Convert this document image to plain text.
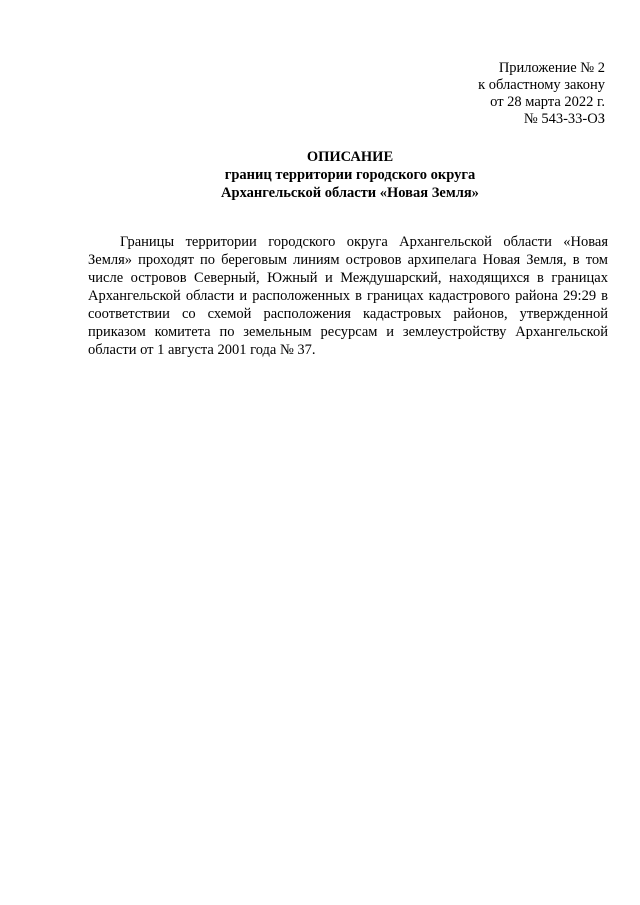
Приложение № 2
к областному закону
от 28 марта 2022 г.
№ 543-33-ОЗ
ОПИСАНИЕ
границ территории городского округа
Архангельской области «Новая Земля»

Границы территории городского округа Архангельской области «Новая Земля» проходят по береговым линиям островов архипелага Новая Земля, в том числе островов Северный, Южный и Междушарский, находящихся в границах Архангельской области и расположенных в границах кадастрового района 29:29 в соответствии со схемой расположения кадастровых районов, утвержденной приказом комитета по земельным ресурсам и землеустройству Архангельской области от 1 августа 2001 года № 37.
